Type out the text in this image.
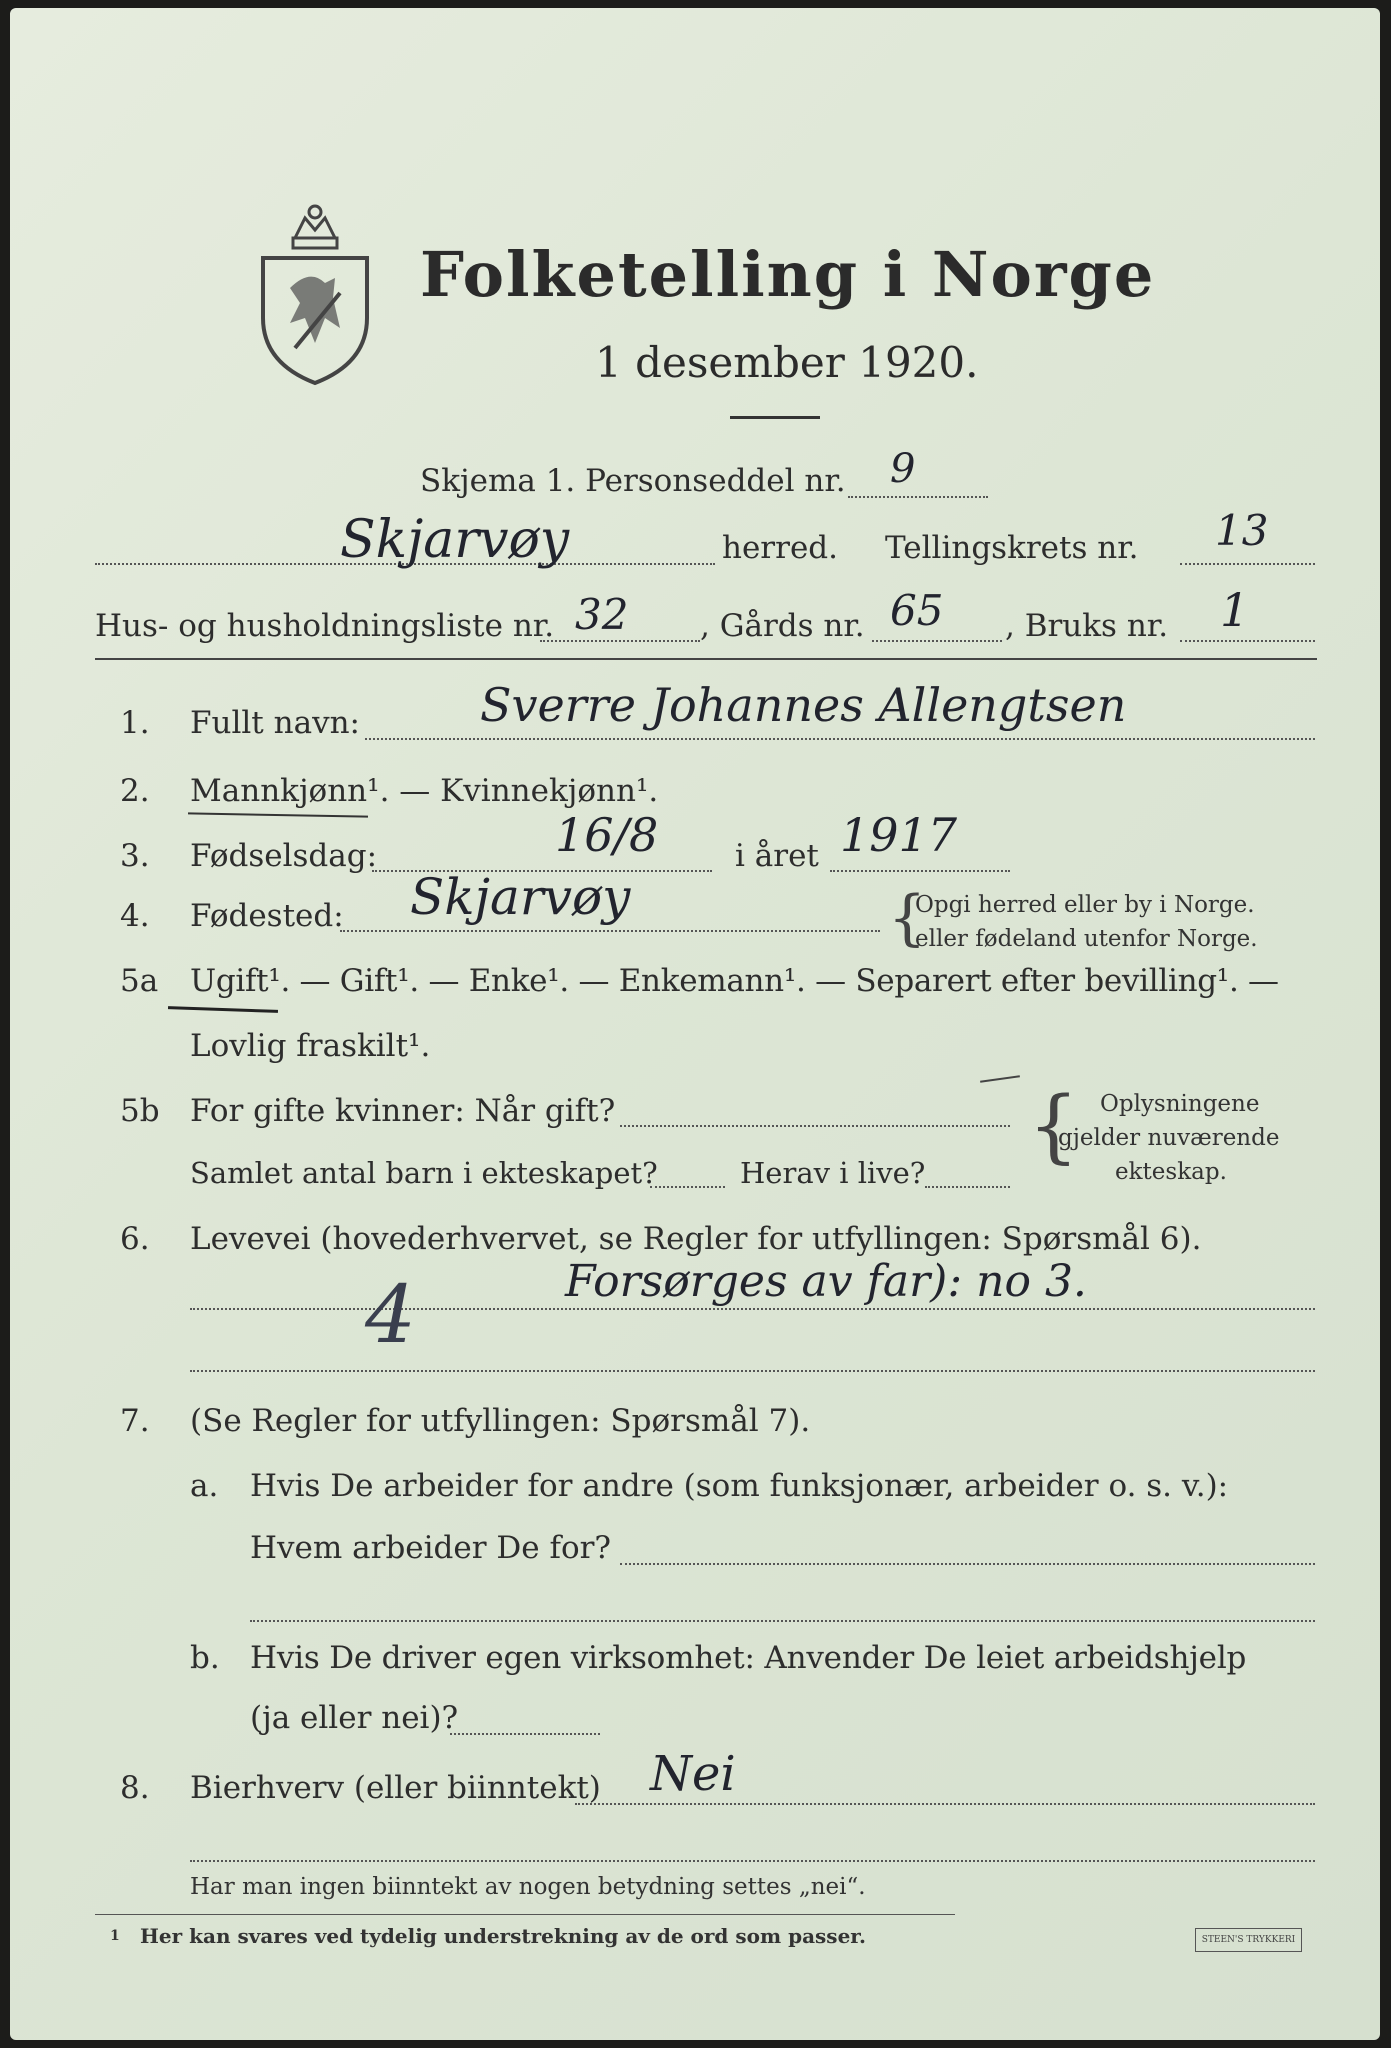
Folketelling i Norge
1 desember 1920.
Skjema 1. Personseddel nr. 9
Skjarvøy	herred. Tellingskrets nr. 13
Hus- og husholdningsliste nr. 32 , Gårds nr. 65 , Bruks nr. 1
1. Fullt navn:	Sverre Johannes Allengtsen
2. Mannkjønn¹. — Kvinnekjønn¹.
3. Fødselsdag:	16/8 i året 1917
4. Fødested: Skjarvøy	{
Opgi herred eller by i Norge.
eller fødeland utenfor Norge.
5a Ugift¹. — Gift¹. — Enke¹. — Enkemann¹. — Separert efter bevilling¹. —
Lovlig fraskilt¹.
5b For gifte kvinner: Når gift?
Samlet antal barn i ekteskapet?	Herav i live?
{ Oplysningene
gjelder nuværende
ekteskap.
6. Levevei (hovederhvervet, se Regler for utfyllingen: Spørsmål 6).
Forsørges av far): no 3.
4
7. (Se Regler for utfyllingen: Spørsmål 7).
a. Hvis De arbeider for andre (som funksjonær, arbeider o. s. v.):
Hvem arbeider De for?
b. Hvis De driver egen virksomhet: Anvender De leiet arbeidshjelp
(ja eller nei)?
8. Bierhverv (eller biinntekt) Nei
Har man ingen biinntekt av nogen betydning settes „nei“.
1 Her kan svares ved tydelig understrekning av de ord som passer.	STEEN'S TRYKKERI
